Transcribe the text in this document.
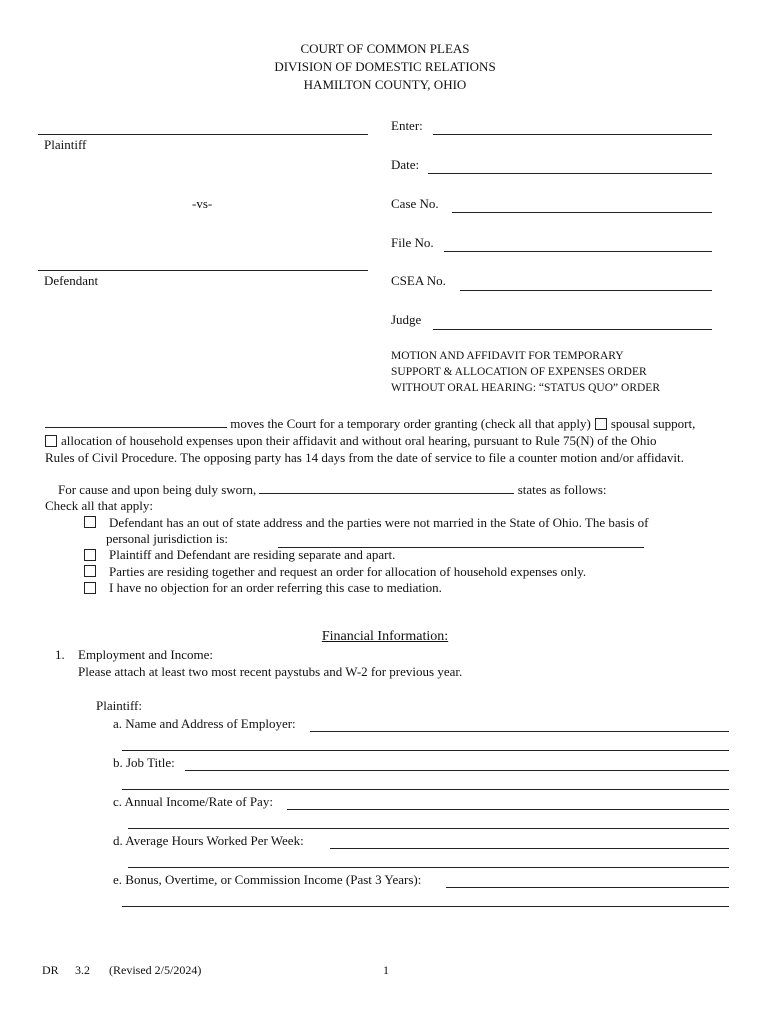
COURT OF COMMON PLEAS
DIVISION OF DOMESTIC RELATIONS
HAMILTON COUNTY, OHIO
Plaintiff
-vs-
Defendant
Enter:
Date:
Case No.
File No.
CSEA No.
Judge
MOTION AND AFFIDAVIT FOR TEMPORARY
SUPPORT & ALLOCATION OF EXPENSES ORDER
WITHOUT ORAL HEARING: “STATUS QUO” ORDER
moves the Court for a temporary order granting (check all that apply) spousal support,
allocation of household expenses upon their affidavit and without oral hearing, pursuant to Rule 75(N) of the Ohio
Rules of Civil Procedure. The opposing party has 14 days from the date of service to file a counter motion and/or affidavit.
For cause and upon being duly sworn,	states as follows:
Check all that apply:
Defendant has an out of state address and the parties were not married in the State of Ohio. The basis of
personal jurisdiction is:
Plaintiff and Defendant are residing separate and apart.
Parties are residing together and request an order for allocation of household expenses only.
I have no objection for an order referring this case to mediation.
Financial Information:
1. Employment and Income:
Please attach at least two most recent paystubs and W-2 for previous year.
Plaintiff:
a. Name and Address of Employer:
b. Job Title:
c. Annual Income/Rate of Pay:
d. Average Hours Worked Per Week:
e. Bonus, Overtime, or Commission Income (Past 3 Years):
DR 3.2 (Revised 2/5/2024)	1
